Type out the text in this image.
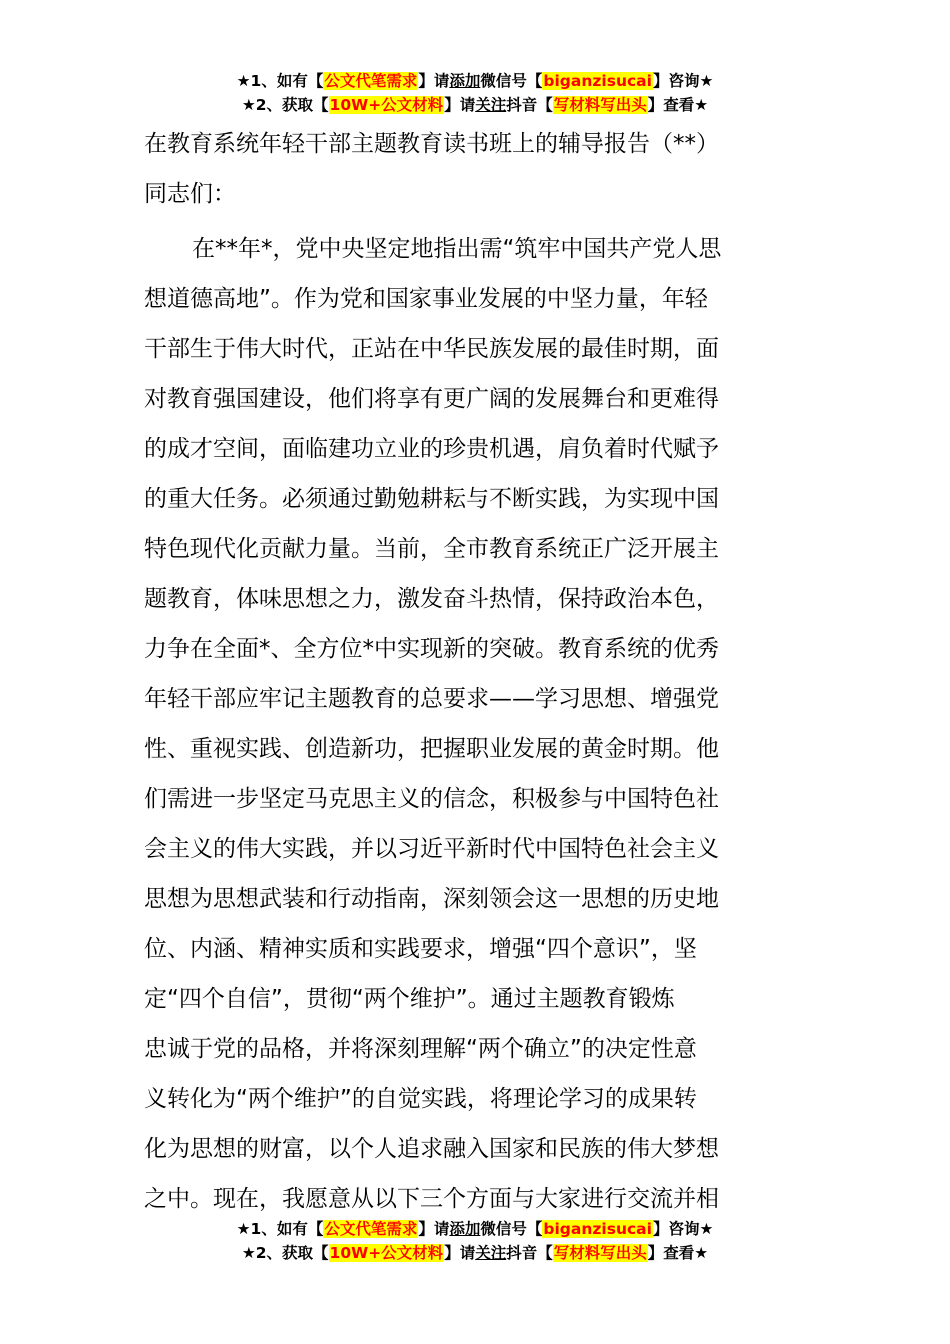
★1、如有【公文代笔需求】请添加微信号【biganzisucai】咨询★
★2、获取【10W+公文材料】请关注抖音【写材料写出头】查看★
在教育系统年轻干部主题教育读书班上的辅导报告（**）
同志们：
在**年*，党中央坚定地指出需“筑牢中国共产党人思
想道德高地”。作为党和国家事业发展的中坚力量，年轻
干部生于伟大时代，正站在中华民族发展的最佳时期，面
对教育强国建设，他们将享有更广阔的发展舞台和更难得
的成才空间，面临建功立业的珍贵机遇，肩负着时代赋予
的重大任务。必须通过勤勉耕耘与不断实践，为实现中国
特色现代化贡献力量。当前，全市教育系统正广泛开展主
题教育，体味思想之力，激发奋斗热情，保持政治本色，
力争在全面*、全方位*中实现新的突破。教育系统的优秀
年轻干部应牢记主题教育的总要求——学习思想、增强党
性、重视实践、创造新功，把握职业发展的黄金时期。他
们需进一步坚定马克思主义的信念，积极参与中国特色社
会主义的伟大实践，并以习近平新时代中国特色社会主义
思想为思想武装和行动指南，深刻领会这一思想的历史地
位、内涵、精神实质和实践要求，增强“四个意识”，坚
定“四个自信”，贯彻“两个维护”。通过主题教育锻炼
忠诚于党的品格，并将深刻理解“两个确立”的决定性意
义转化为“两个维护”的自觉实践，将理论学习的成果转
化为思想的财富，以个人追求融入国家和民族的伟大梦想
之中。现在，我愿意从以下三个方面与大家进行交流并相
★1、如有【公文代笔需求】请添加微信号【biganzisucai】咨询★
★2、获取【10W+公文材料】请关注抖音【写材料写出头】查看★
